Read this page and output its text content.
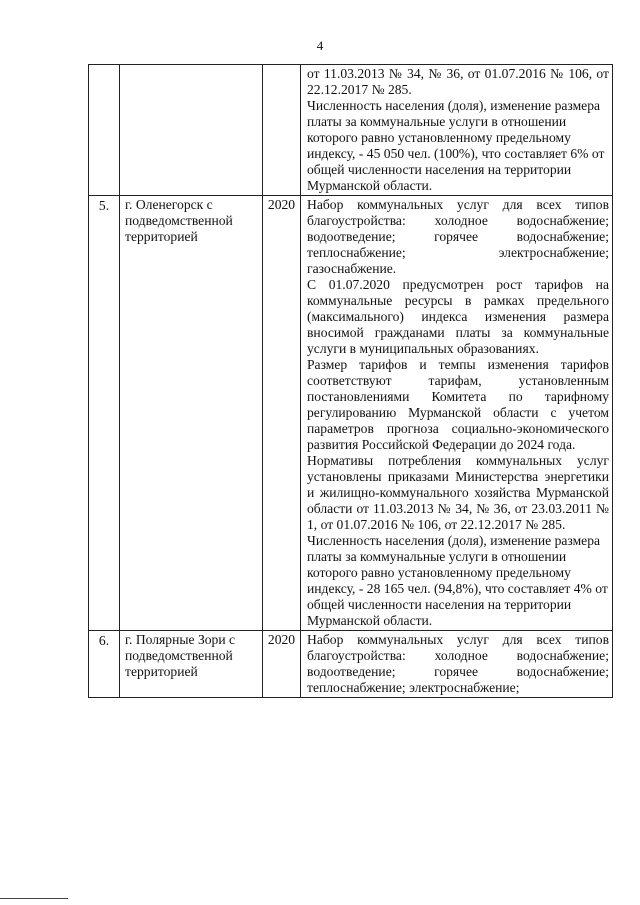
4

			от 11.03.2013 № 34, № 36, от 01.07.2016 № 106, от 22.12.2017 № 285.

Численность населения (доля), изменение размера платы за коммунальные услуги в отношении которого равно установленному предельному индексу, - 45 050 чел. (100%), что составляет 6% от общей численности населения на территории Мурманской области.

5.	г. Оленегорск с подведомственной территорией	2020	Набор коммунальных услуг для всех типов благоустройства: холодное водоснабжение; водоотведение; горячее водоснабжение; теплоснабжение; электроснабжение; газоснабжение.

С 01.07.2020 предусмотрен рост тарифов на коммунальные ресурсы в рамках предельного (максимального) индекса изменения размера вносимой гражданами платы за коммунальные услуги в муниципальных образованиях.

Размер тарифов и темпы изменения тарифов соответствуют тарифам, установленным постановлениями Комитета по тарифному регулированию Мурманской области с учетом параметров прогноза социально-экономического развития Российской Федерации до 2024 года.

Нормативы потребления коммунальных услуг установлены приказами Министерства энергетики и жилищно-коммунального хозяйства Мурманской области от 11.03.2013 № 34, № 36, от 23.03.2011 № 1, от 01.07.2016 № 106, от 22.12.2017 № 285.

Численность населения (доля), изменение размера платы за коммунальные услуги в отношении которого равно установленному предельному индексу, - 28 165 чел. (94,8%), что составляет 4% от общей численности населения на территории Мурманской области.

6.	г. Полярные Зори с подведомственной территорией	2020	Набор коммунальных услуг для всех типов благоустройства: холодное водоснабжение; водоотведение; горячее водоснабжение; теплоснабжение; электроснабжение;
